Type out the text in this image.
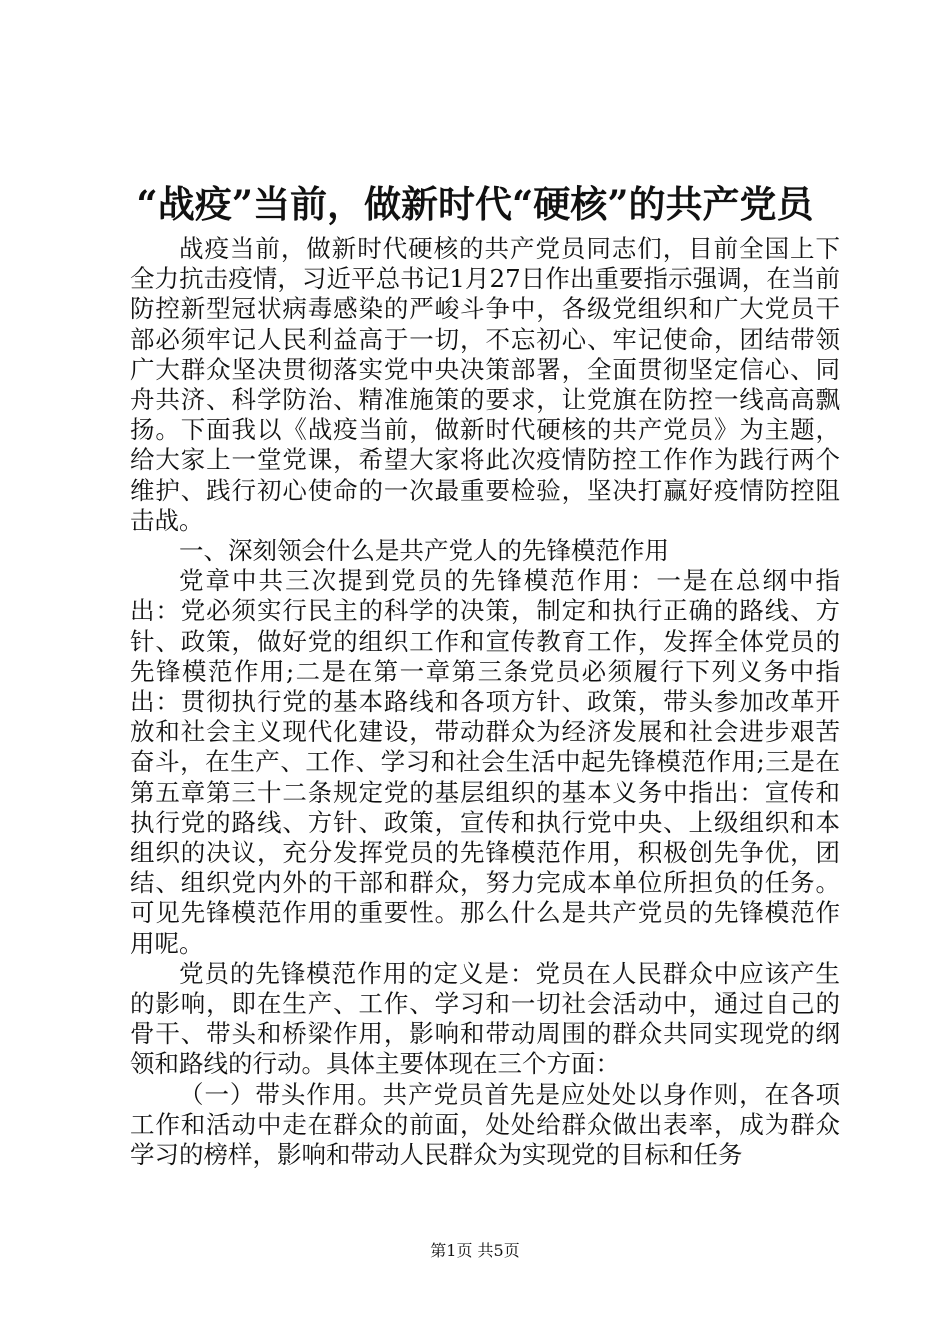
“战疫”当前，做新时代“硬核”的共产党员

战疫当前，做新时代硬核的共产党员同志们，目前全国上下全力抗击疫情，习近平总书记1月27日作出重要指示强调，在当前防控新型冠状病毒感染的严峻斗争中，各级党组织和广大党员干部必须牢记人民利益高于一切，不忘初心、牢记使命，团结带领广大群众坚决贯彻落实党中央决策部署，全面贯彻坚定信心、同舟共济、科学防治、精准施策的要求，让党旗在防控一线高高飘扬。下面我以《战疫当前，做新时代硬核的共产党员》为主题，给大家上一堂党课，希望大家将此次疫情防控工作作为践行两个维护、践行初心使命的一次最重要检验，坚决打赢好疫情防控阻击战。

一、深刻领会什么是共产党人的先锋模范作用

党章中共三次提到党员的先锋模范作用：一是在总纲中指出：党必须实行民主的科学的决策，制定和执行正确的路线、方针、政策，做好党的组织工作和宣传教育工作，发挥全体党员的先锋模范作用;二是在第一章第三条党员必须履行下列义务中指出：贯彻执行党的基本路线和各项方针、政策，带头参加改革开放和社会主义现代化建设，带动群众为经济发展和社会进步艰苦奋斗，在生产、工作、学习和社会生活中起先锋模范作用;三是在第五章第三十二条规定党的基层组织的基本义务中指出：宣传和执行党的路线、方针、政策，宣传和执行党中央、上级组织和本组织的决议，充分发挥党员的先锋模范作用，积极创先争优，团结、组织党内外的干部和群众，努力完成本单位所担负的任务。可见先锋模范作用的重要性。那么什么是共产党员的先锋模范作用呢。

党员的先锋模范作用的定义是：党员在人民群众中应该产生的影响，即在生产、工作、学习和一切社会活动中，通过自己的骨干、带头和桥梁作用，影响和带动周围的群众共同实现党的纲领和路线的行动。具体主要体现在三个方面：

（一）带头作用。共产党员首先是应处处以身作则，在各项工作和活动中走在群众的前面，处处给群众做出表率，成为群众学习的榜样，影响和带动人民群众为实现党的目标和任务

第1页 共5页
